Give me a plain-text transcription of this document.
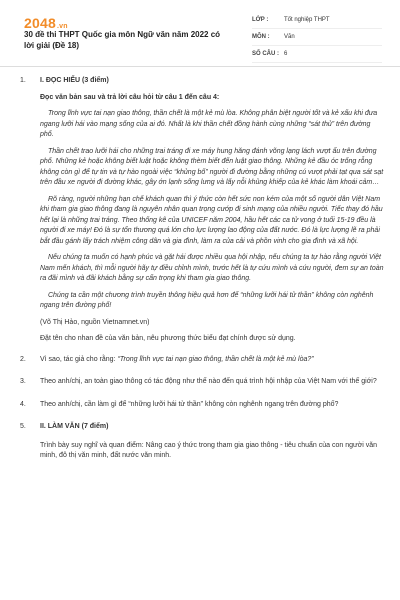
2048.vn
30 đề thi THPT Quốc gia môn Ngữ văn năm 2022 có lời giải (Đề 18)
LỚP :	Tốt nghiệp THPT
MÔN :	Văn
SỐ CÂU : 6
1.	I. ĐỌC HIỂU (3 điểm)

Đọc văn bản sau và trả lời câu hỏi từ câu 1 đến câu 4:

Trong lĩnh vực tai nạn giao thông, thần chết là một kẻ mù lòa. Không phân biệt người tốt và kẻ xấu khi đưa ngang lưỡi hái vào mạng sống của ai đó. Nhất là khi thần chết đồng hành cùng những “sát thủ” trên đường phố.

Thần chết trao lưỡi hái cho những trai tráng đi xe máy hung hăng đánh võng lạng lách vượt ẩu trên đường phố. Những kẻ hoặc không biết luật hoặc không thèm biết đến luật giao thông. Những kẻ đầu óc trống rỗng không còn gì để tự tin và tự hào ngoài việc “khủng bố” người đi đường bằng những cú vượt phải tạt qua sát sạt trên đầu xe người đi đường khác, gây ớn lạnh sống lưng và lấy nỗi khủng khiếp của kẻ khác làm khoái cảm…

Rõ ràng, người những hạn chế khách quan thì ý thức còn hết sức non kém của một số người dân Việt Nam khi tham gia giao thông đang là nguyên nhân quan trọng cướp đi sinh mạng của nhiều người. Tiếc thay đó hầu hết lại là những trai tráng. Theo thống kê của UNICEF năm 2004, hầu hết các ca tử vong ở tuổi 15-19 đều là người đi xe máy! Đó là sự tổn thương quá lớn cho lực lượng lao động của đất nước. Đó là lực lượng lẽ ra phải bắt đầu gánh lấy trách nhiệm công dân và gia đình, làm ra của cải và phồn vinh cho gia đình và xã hội.

Nếu chúng ta muốn có hạnh phúc và gặt hái được nhiều qua hội nhập, nếu chúng ta tự hào rằng người Việt Nam mến khách, thì mỗi người hãy tự điều chỉnh mình, trước hết là tự cứu mình và cứu người, đem sự an toàn ra đãi mình và đãi khách bằng sự cẩn trọng khi tham gia giao thông.

Chúng ta cần một chương trình truyền thông hiệu quả hơn để “những lưỡi hái tử thần” không còn nghênh ngang trên đường phố!

(Võ Thị Hảo, nguồn Vietnamnet.vn)

Đặt tên cho nhan đề của văn bản, nêu phương thức biểu đạt chính được sử dụng.

2.	Vì sao, tác giả cho rằng: “Trong lĩnh vực tai nạn giao thông, thần chết là một kẻ mù lòa?”
3.	Theo anh/chị, an toàn giao thông có tác động như thế nào đến quá trình hội nhập của Việt Nam với thế giới?
4.	Theo anh/chị, cần làm gì để “những lưỡi hái tử thần” không còn nghênh ngang trên đường phố?
5.	II. LÀM VĂN (7 điểm)

Trình bày suy nghĩ và quan điểm: Nâng cao ý thức trong tham gia giao thông - tiêu chuẩn của con người văn minh, đô thị văn minh, đất nước văn minh.
